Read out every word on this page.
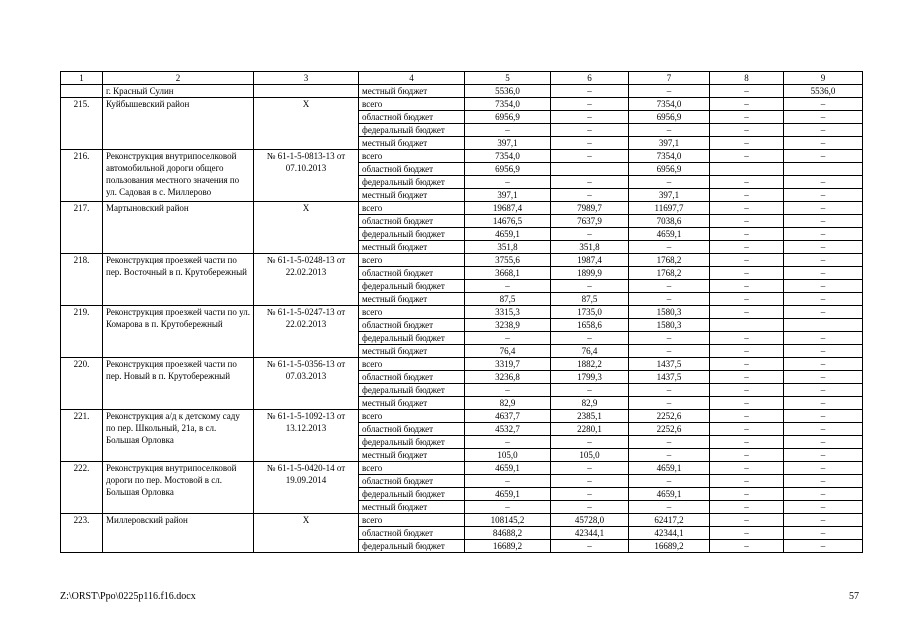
1	2	3	4	5	6	7	8	9
	г. Красный Сулин		местный бюджет	5536,0	–	–	–	5536,0
215.	Куйбышевский район	Х	всего	7354,0	–	7354,0	–	–
			областной бюджет	6956,9	–	6956,9	–	–
			федеральный бюджет	–	–	–	–	–
			местный бюджет	397,1	–	397,1	–	–
216.	Реконструкция внутрипоселковой автомобильной дороги общего пользования местного значения по ул. Садовая в с. Миллерово	№ 61-1-5-0813-13 от 07.10.2013	всего	7354,0	–	7354,0	–	–
			областной бюджет	6956,9		6956,9		
			федеральный бюджет	–	–	–	–	–
			местный бюджет	397,1	–	397,1	–	–
217.	Мартыновский район	Х	всего	19687,4	7989,7	11697,7	–	–
			областной бюджет	14676,5	7637,9	7038,6	–	–
			федеральный бюджет	4659,1	–	4659,1	–	–
			местный бюджет	351,8	351,8	–	–	–
218.	Реконструкция проезжей части по пер. Восточный в п. Крутобережный	№ 61-1-5-0248-13 от 22.02.2013	всего	3755,6	1987,4	1768,2	–	–
			областной бюджет	3668,1	1899,9	1768,2	–	–
			федеральный бюджет	–	–	–	–	–
			местный бюджет	87,5	87,5	–	–	–
219.	Реконструкция проезжей части по ул. Комарова в п. Крутобережный	№ 61-1-5-0247-13 от 22.02.2013	всего	3315,3	1735,0	1580,3	–	–
			областной бюджет	3238,9	1658,6	1580,3		
			федеральный бюджет	–	–	–	–	–
			местный бюджет	76,4	76,4	–	–	–
220.	Реконструкция проезжей части по пер. Новый в п. Крутобережный	№ 61-1-5-0356-13 от 07.03.2013	всего	3319,7	1882,2	1437,5	–	–
			областной бюджет	3236,8	1799,3	1437,5	–	–
			федеральный бюджет	–	–	–	–	–
			местный бюджет	82,9	82,9	–	–	–
221.	Реконструкция а/д к детскому саду по пер. Школьный, 21а, в сл. Большая Орловка	№ 61-1-5-1092-13 от 13.12.2013	всего	4637,7	2385,1	2252,6	–	–
			областной бюджет	4532,7	2280,1	2252,6	–	–
			федеральный бюджет	–	–	–	–	–
			местный бюджет	105,0	105,0	–	–	–
222.	Реконструкция внутрипоселковой дороги по пер. Мостовой в сл. Большая Орловка	№ 61-1-5-0420-14 от 19.09.2014	всего	4659,1	–	4659,1	–	–
			областной бюджет	–	–	–	–	–
			федеральный бюджет	4659,1	–	4659,1	–	–
			местный бюджет	–	–	–	–	–
223.	Миллеровский район	Х	всего	108145,2	45728,0	62417,2	–	–
			областной бюджет	84688,2	42344,1	42344,1	–	–
			федеральный бюджет	16689,2	–	16689,2	–	–
Z:\ORST\Ppo\0225p116.f16.docx	57
